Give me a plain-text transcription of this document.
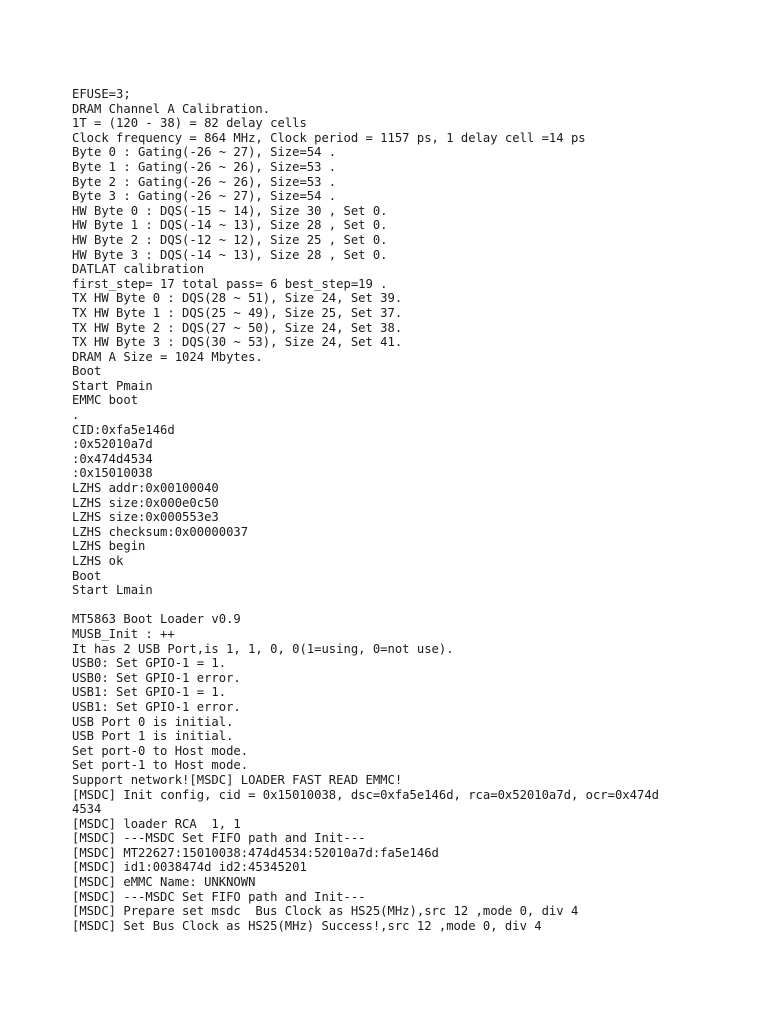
EFUSE=3;
DRAM Channel A Calibration.
1T = (120 - 38) = 82 delay cells
Clock frequency = 864 MHz, Clock period = 1157 ps, 1 delay cell =14 ps
Byte 0 : Gating(-26 ~ 27), Size=54 .
Byte 1 : Gating(-26 ~ 26), Size=53 .
Byte 2 : Gating(-26 ~ 26), Size=53 .
Byte 3 : Gating(-26 ~ 27), Size=54 .
HW Byte 0 : DQS(-15 ~ 14), Size 30 , Set 0.
HW Byte 1 : DQS(-14 ~ 13), Size 28 , Set 0.
HW Byte 2 : DQS(-12 ~ 12), Size 25 , Set 0.
HW Byte 3 : DQS(-14 ~ 13), Size 28 , Set 0.
DATLAT calibration
first_step= 17 total pass= 6 best_step=19 .
TX HW Byte 0 : DQS(28 ~ 51), Size 24, Set 39.
TX HW Byte 1 : DQS(25 ~ 49), Size 25, Set 37.
TX HW Byte 2 : DQS(27 ~ 50), Size 24, Set 38.
TX HW Byte 3 : DQS(30 ~ 53), Size 24, Set 41.
DRAM A Size = 1024 Mbytes.
Boot
Start Pmain
EMMC boot
.
CID:0xfa5e146d
:0x52010a7d
:0x474d4534
:0x15010038
LZHS addr:0x00100040
LZHS size:0x000e0c50
LZHS size:0x000553e3
LZHS checksum:0x00000037
LZHS begin
LZHS ok
Boot
Start Lmain
MT5863 Boot Loader v0.9
MUSB_Init : ++
It has 2 USB Port,is 1, 1, 0, 0(1=using, 0=not use).
USB0: Set GPIO-1 = 1.
USB0: Set GPIO-1 error.
USB1: Set GPIO-1 = 1.
USB1: Set GPIO-1 error.
USB Port 0 is initial.
USB Port 1 is initial.
Set port-0 to Host mode.
Set port-1 to Host mode.
Support network![MSDC] LOADER FAST READ EMMC!
[MSDC] Init config, cid = 0x15010038, dsc=0xfa5e146d, rca=0x52010a7d, ocr=0x474d
4534
[MSDC] loader RCA  1, 1
[MSDC] ---MSDC Set FIFO path and Init---
[MSDC] MT22627:15010038:474d4534:52010a7d:fa5e146d
[MSDC] id1:0038474d id2:45345201
[MSDC] eMMC Name: UNKNOWN
[MSDC] ---MSDC Set FIFO path and Init---
[MSDC] Prepare set msdc  Bus Clock as HS25(MHz),src 12 ,mode 0, div 4
[MSDC] Set Bus Clock as HS25(MHz) Success!,src 12 ,mode 0, div 4
